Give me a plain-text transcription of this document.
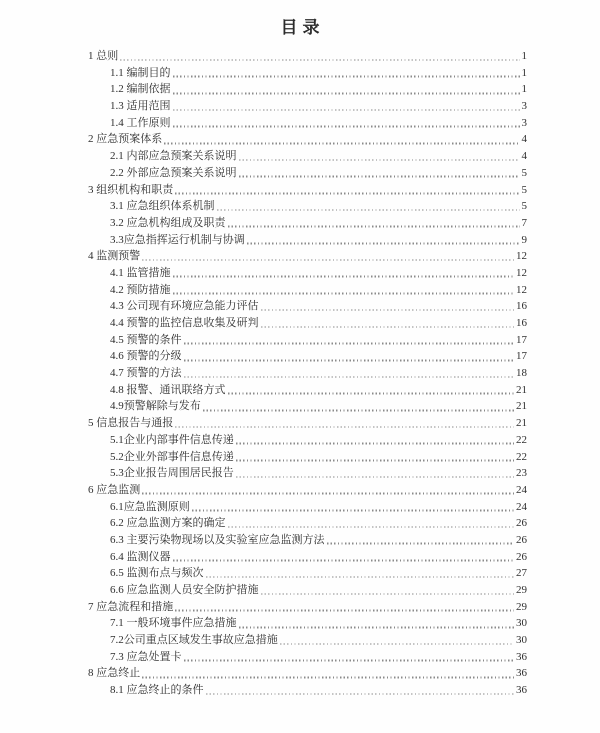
目录
1 总则	1
1.1 编制目的	1
1.2 编制依据	1
1.3 适用范围	3
1.4 工作原则	3
2 应急预案体系	4
2.1 内部应急预案关系说明	4
2.2 外部应急预案关系说明	5
3 组织机构和职责	5
3.1 应急组织体系机制	5
3.2 应急机构组成及职责	7
3.3应急指挥运行机制与协调	9
4 监测预警	12
4.1 监管措施	12
4.2 预防措施	12
4.3 公司现有环境应急能力评估	16
4.4 预警的监控信息收集及研判	16
4.5 预警的条件	17
4.6 预警的分级	17
4.7 预警的方法	18
4.8 报警、通讯联络方式	21
4.9预警解除与发布	21
5 信息报告与通报	21
5.1企业内部事件信息传递	22
5.2企业外部事件信息传递	22
5.3企业报告周围居民报告	23
6 应急监测	24
6.1应急监测原则	24
6.2 应急监测方案的确定	26
6.3 主要污染物现场以及实验室应急监测方法	26
6.4 监测仪器	26
6.5 监测布点与频次	27
6.6 应急监测人员安全防护措施	29
7 应急流程和措施	29
7.1 一般环境事件应急措施	30
7.2公司重点区域发生事故应急措施	30
7.3 应急处置卡	36
8 应急终止	36
8.1 应急终止的条件	36
